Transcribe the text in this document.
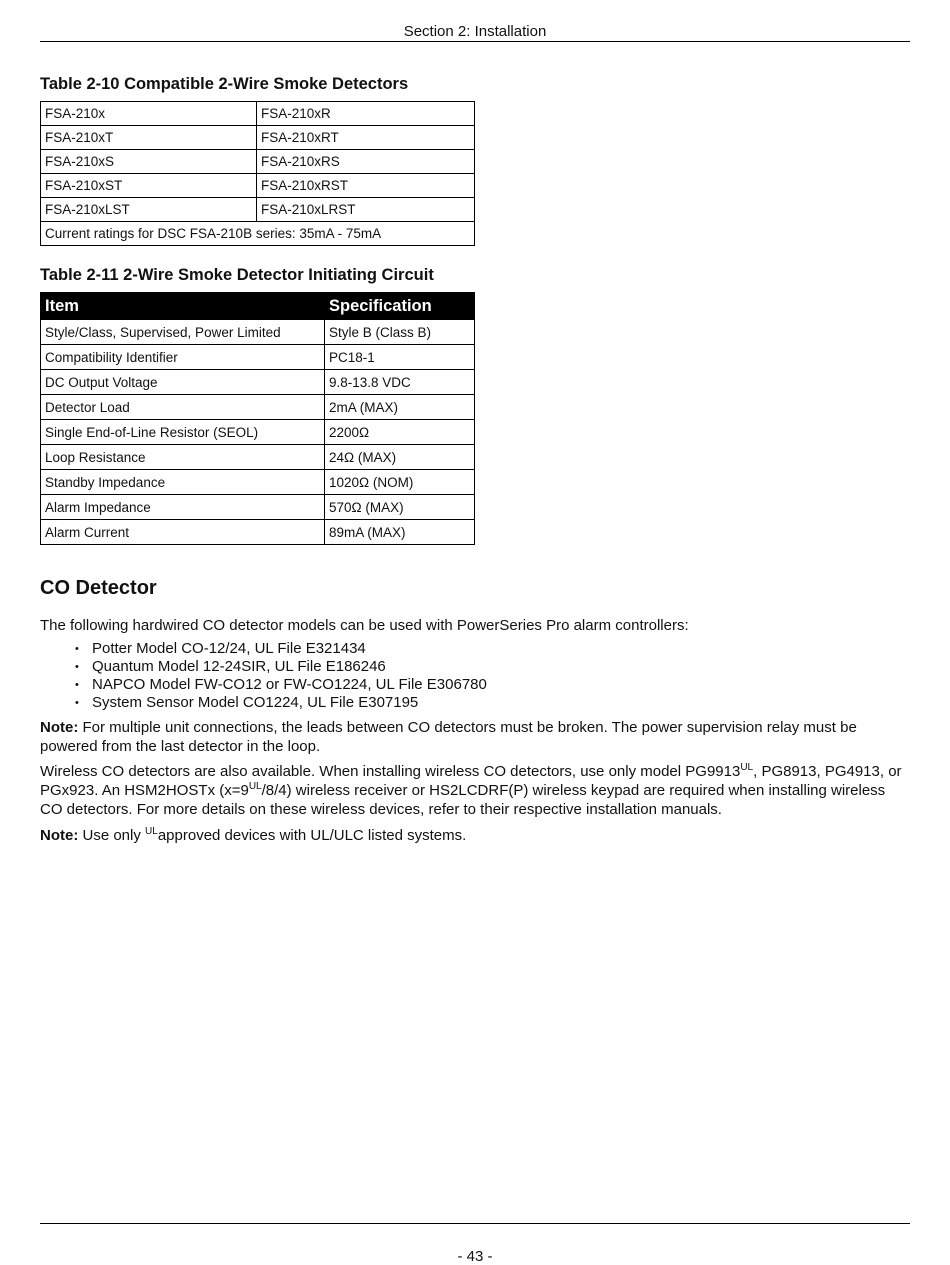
Section 2: Installation
Table 2-10 Compatible 2-Wire Smoke Detectors
FSA-210x	FSA-210xR
FSA-210xT	FSA-210xRT
FSA-210xS	FSA-210xRS
FSA-210xST	FSA-210xRST
FSA-210xLST	FSA-210xLRST
Current ratings for DSC FSA-210B series: 35mA - 75mA	
Table 2-11 2-Wire Smoke Detector Initiating Circuit
Item	Specification
Style/Class, Supervised, Power Limited	Style B (Class B)
Compatibility Identifier	PC18-1
DC Output Voltage	9.8-13.8 VDC
Detector Load	2mA (MAX)
Single End-of-Line Resistor (SEOL)	2200Ω
Loop Resistance	24Ω (MAX)
Standby Impedance	1020Ω (NOM)
Alarm Impedance	570Ω (MAX)
Alarm Current	89mA (MAX)
CO Detector

The following hardwired CO detector models can be used with PowerSeries Pro alarm controllers:

• Potter Model CO-12/24, UL File E321434
• Quantum Model 12-24SIR, UL File E186246
• NAPCO Model FW-CO12 or FW-CO1224, UL File E306780
• System Sensor Model CO1224, UL File E307195

Note: For multiple unit connections, the leads between CO detectors must be broken. The power supervision relay must be powered from the last detector in the loop.

Wireless CO detectors are also available. When installing wireless CO detectors, use only model $PG9913^{UL}$, PG8913, PG4913, or PGx923. An HSM2HOSTx $(x=9^{UL}/8/4)$ wireless receiver or HS2LCDRF(P) wireless keypad are required when installing wireless CO detectors. For more details on these wireless devices, refer to their respective installation manuals.

Note: Use only $^{UL}$approved devices with UL/ULC listed systems.

- 43 -
